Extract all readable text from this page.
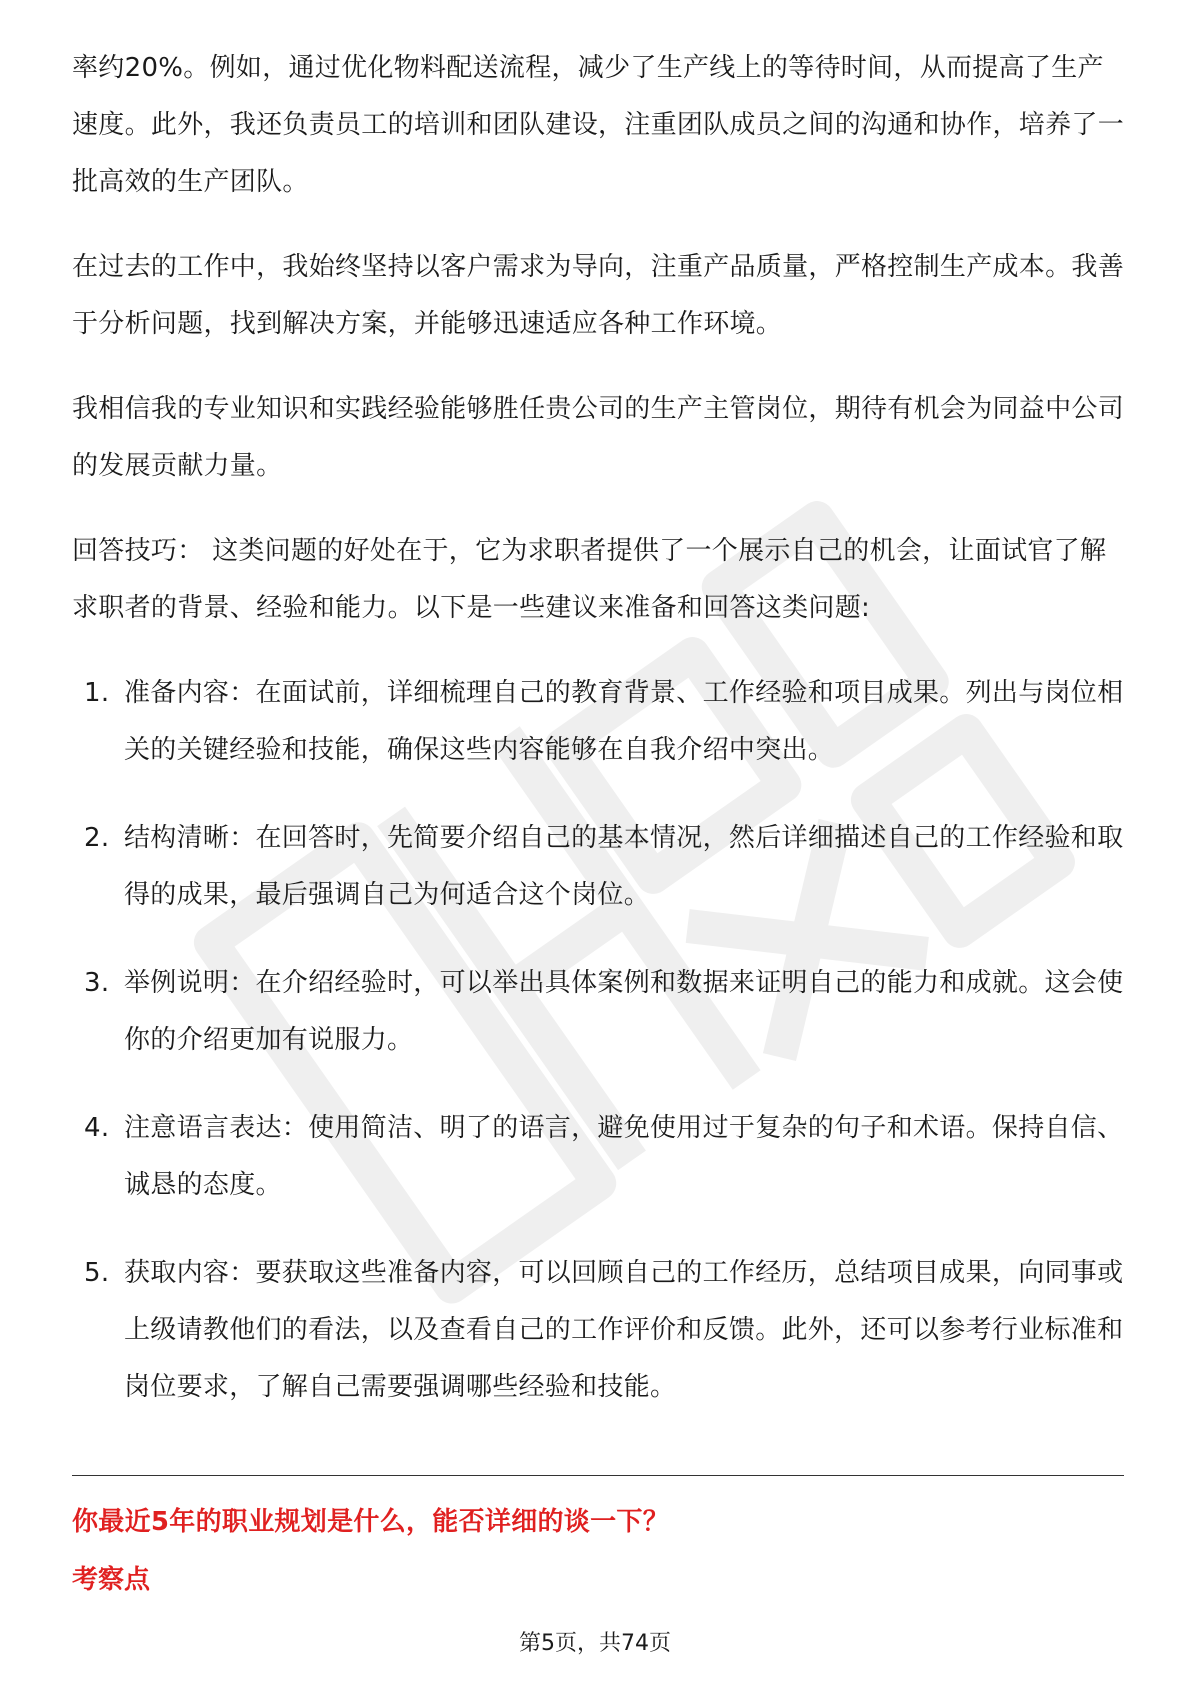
率约20%。例如，通过优化物料配送流程，减少了生产线上的等待时间，从而提高了生产速度。此外，我还负责员工的培训和团队建设，注重团队成员之间的沟通和协作，培养了一批高效的生产团队。

在过去的工作中，我始终坚持以客户需求为导向，注重产品质量，严格控制生产成本。我善于分析问题，找到解决方案，并能够迅速适应各种工作环境。

我相信我的专业知识和实践经验能够胜任贵公司的生产主管岗位，期待有机会为同益中公司的发展贡献力量。

回答技巧： 这类问题的好处在于，它为求职者提供了一个展示自己的机会，让面试官了解求职者的背景、经验和能力。以下是一些建议来准备和回答这类问题:

1. 准备内容：在面试前，详细梳理自己的教育背景、工作经验和项目成果。列出与岗位相关的关键经验和技能，确保这些内容能够在自我介绍中突出。
2. 结构清晰：在回答时，先简要介绍自己的基本情况，然后详细描述自己的工作经验和取得的成果，最后强调自己为何适合这个岗位。
3. 举例说明：在介绍经验时，可以举出具体案例和数据来证明自己的能力和成就。这会使你的介绍更加有说服力。
4. 注意语言表达：使用简洁、明了的语言，避免使用过于复杂的句子和术语。保持自信、诚恳的态度。
5. 获取内容：要获取这些准备内容，可以回顾自己的工作经历，总结项目成果，向同事或上级请教他们的看法，以及查看自己的工作评价和反馈。此外，还可以参考行业标准和岗位要求，了解自己需要强调哪些经验和技能。
你最近5年的职业规划是什么，能否详细的谈一下？
考察点
第5页，共74页
